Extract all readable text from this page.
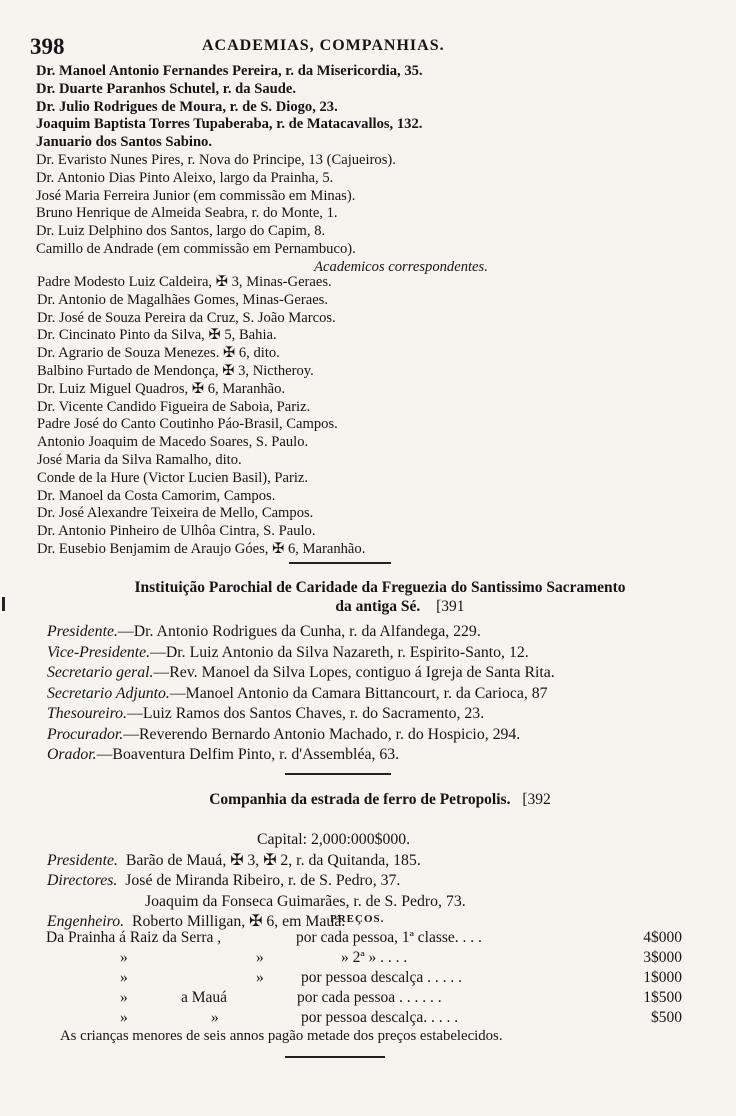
398	ACADEMIAS, COMPANHIAS.
Dr. Manoel Antonio Fernandes Pereira, r. da Misericordia, 35.
Dr. Duarte Paranhos Schutel, r. da Saude.
Dr. Julio Rodrigues de Moura, r. de S. Diogo, 23.
Joaquim Baptista Torres Tupaberaba, r. de Matacavallos, 132.
Januario dos Santos Sabino.
Dr. Evaristo Nunes Pires, r. Nova do Principe, 13 (Cajueiros).
Dr. Antonio Dias Pinto Aleixo, largo da Prainha, 5.
José Maria Ferreira Junior (em commissão em Minas).
Bruno Henrique de Almeida Seabra, r. do Monte, 1.
Dr. Luiz Delphino dos Santos, largo do Capim, 8.
Camillo de Andrade (em commissão em Pernambuco).
Academicos correspondentes.
Padre Modesto Luiz Caldeira, ✠ 3, Minas-Geraes.
Dr. Antonio de Magalhães Gomes, Minas-Geraes.
Dr. José de Souza Pereira da Cruz, S. João Marcos.
Dr. Cincinato Pinto da Silva, ✠ 5, Bahia.
Dr. Agrario de Souza Menezes. ✠ 6, dito.
Balbino Furtado de Mendonça, ✠ 3, Nictheroy.
Dr. Luiz Miguel Quadros, ✠ 6, Maranhão.
Dr. Vicente Candido Figueira de Saboia, Pariz.
Padre José do Canto Coutinho Páo-Brasil, Campos.
Antonio Joaquim de Macedo Soares, S. Paulo.
José Maria da Silva Ramalho, dito.
Conde de la Hure (Victor Lucien Basil), Pariz.
Dr. Manoel da Costa Camorim, Campos.
Dr. José Alexandre Teixeira de Mello, Campos.
Dr. Antonio Pinheiro de Ulhôa Cintra, S. Paulo.
Dr. Eusebio Benjamim de Araujo Góes, ✠ 6, Maranhão.
Instituição Parochial de Caridade da Freguezia do Santissimo Sacramento
da antiga Sé. [391
Presidente.—Dr. Antonio Rodrigues da Cunha, r. da Alfandega, 229.
Vice-Presidente.—Dr. Luiz Antonio da Silva Nazareth, r. Espirito-Santo, 12.
Secretario geral.—Rev. Manoel da Silva Lopes, contiguo á Igreja de Santa Rita.
Secretario Adjunto.—Manoel Antonio da Camara Bittancourt, r. da Carioca, 87
Thesoureiro.—Luiz Ramos dos Santos Chaves, r. do Sacramento, 23.
Procurador.—Reverendo Bernardo Antonio Machado, r. do Hospicio, 294.
Orador.—Boaventura Delfim Pinto, r. d'Assembléa, 63.
Companhia da estrada de ferro de Petropolis. [392
Capital: 2,000:000$000.
Presidente. Barão de Mauá, ✠ 3, ✠ 2, r. da Quitanda, 185.
Directores. José de Miranda Ribeiro, r. de S. Pedro, 37.
Joaquim da Fonseca Guimarães, r. de S. Pedro, 73.
Engenheiro. Roberto Milligan, ✠ 6, em Mauá.
PREÇOS.
Da Prainha á Raiz da Serra ,	por cada pessoa, 1ª classe. . . .	4$000
»	»	» 2ª » . . . .	3$000
»	» por pessoa descalça . . . . .	1$000
»	a Mauá	por cada pessoa . . . . . .	1$500
»	»	por pessoa descalça. . . . .	$500
As crianças menores de seis annos pagão metade dos preços estabelecidos.
